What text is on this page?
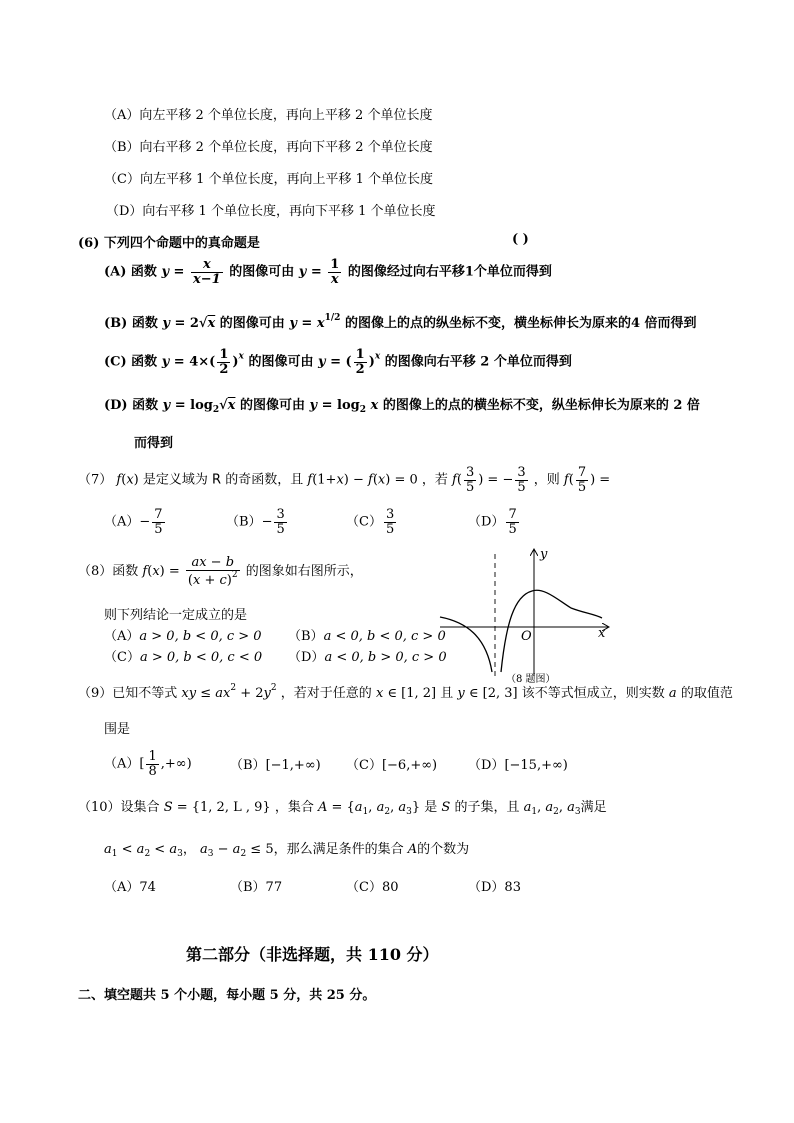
（A）向左平移 2 个单位长度，再向上平移 2 个单位长度
（B）向右平移 2 个单位长度，再向下平移 2 个单位长度
（C）向左平移 1 个单位长度，再向上平移 1 个单位长度
（D）向右平移 1 个单位长度，再向下平移 1 个单位长度
(6) 下列四个命题中的真命题是	( )
(A) 函数 $y = \frac{x}{x-1}$ 的图像可由 $y = \frac{1}{x}$ 的图像经过向右平移1个单位而得到
(B) 函数 y = 2√x 的图像可由 $y = x^{1/2}$ 的图像上的点的纵坐标不变，横坐标伸长为原来的4 倍而得到
(C) 函数 $y = 4\times( \frac{1}{2} )^x$ 的图像可由 y = ( $\frac{1}{2} )^x$ 的图像向右平移 2 个单位而得到
(D) 函数 $y = \log_2√x$ 的图像可由 $y = \log_2 x$ 的图像上的点的横坐标不变，纵坐标伸长为原来的 2 倍
而得到
（7） f(x) 是定义域为 R 的奇函数，且 f(1+x) − f(x) = 0 ，若 $f( \frac{3}{5}$ ) = − $\frac{3}{5}$ ，则 $f( \frac{7}{5}$ ) =
$(A)- \frac{7}{5}$	$(B)- \frac{3}{5}$	$(C) \frac{3}{5}$	$(D) \frac{7}{5}$
（8）函数 $f(x) = \frac{ax - b}{(x + c)^2}$ 的图象如右图所示，
则下列结论一定成立的是
（A）a > 0, b < 0, c > 0 （B）a < 0, b < 0, c > 0
（C）a > 0, b < 0, c < 0 （D）a < 0, b > 0, c > 0
y
x
O
（8 题图）
（9）已知不等式 xy ≤ $ax^2 + 2y^2$ ，若对于任意的 x ∈ [1, 2] 且 y ∈ [2, 3] 该不等式恒成立，则实数 a 的取值范
围是
$(A)[ \frac{1}{8}$ ,+∞)	（B）[−1,+∞) （C）[−6,+∞) （D）[−15,+∞)
（10）设集合 S = {1, 2, L , 9} ，集合 $A = \{a_1$, $a_2$, $a_3$} 是 S 的子集，且 $a_1$, $a_2$, $a_3$满足
$a_1 < a_2 < a_3$， $a_3 - a_2 \le 5$，那么满足条件的集合 A的个数为
（A）74	（B）77	（C）80	（D）83
第二部分（非选择题，共 110 分）
二、填空题共 5 个小题，每小题 5 分，共 25 分。
